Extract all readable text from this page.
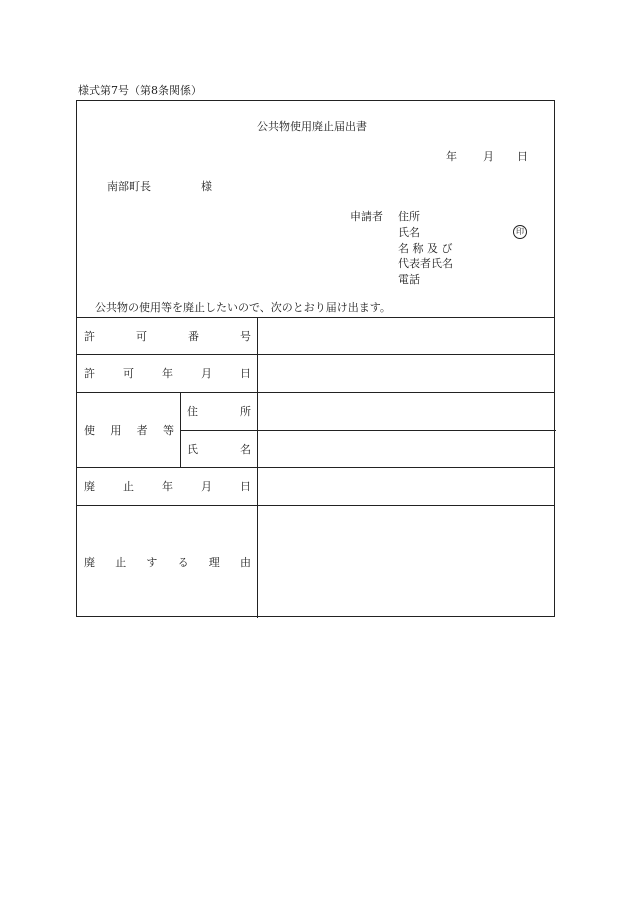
様式第7号（第8条関係）
公共物使用廃止届出書
年 月 日
南部町長	様
申請者 住所
氏名	印
名 称 及 び
代表者氏名
電話
公共物の使用等を廃止したいので、次のとおり届け出ます。
許	可	番	号
許	可	年	月	日
使 用 者 等
住	所
氏	名
廃	止	年	月	日
廃 止 す る 理 由
